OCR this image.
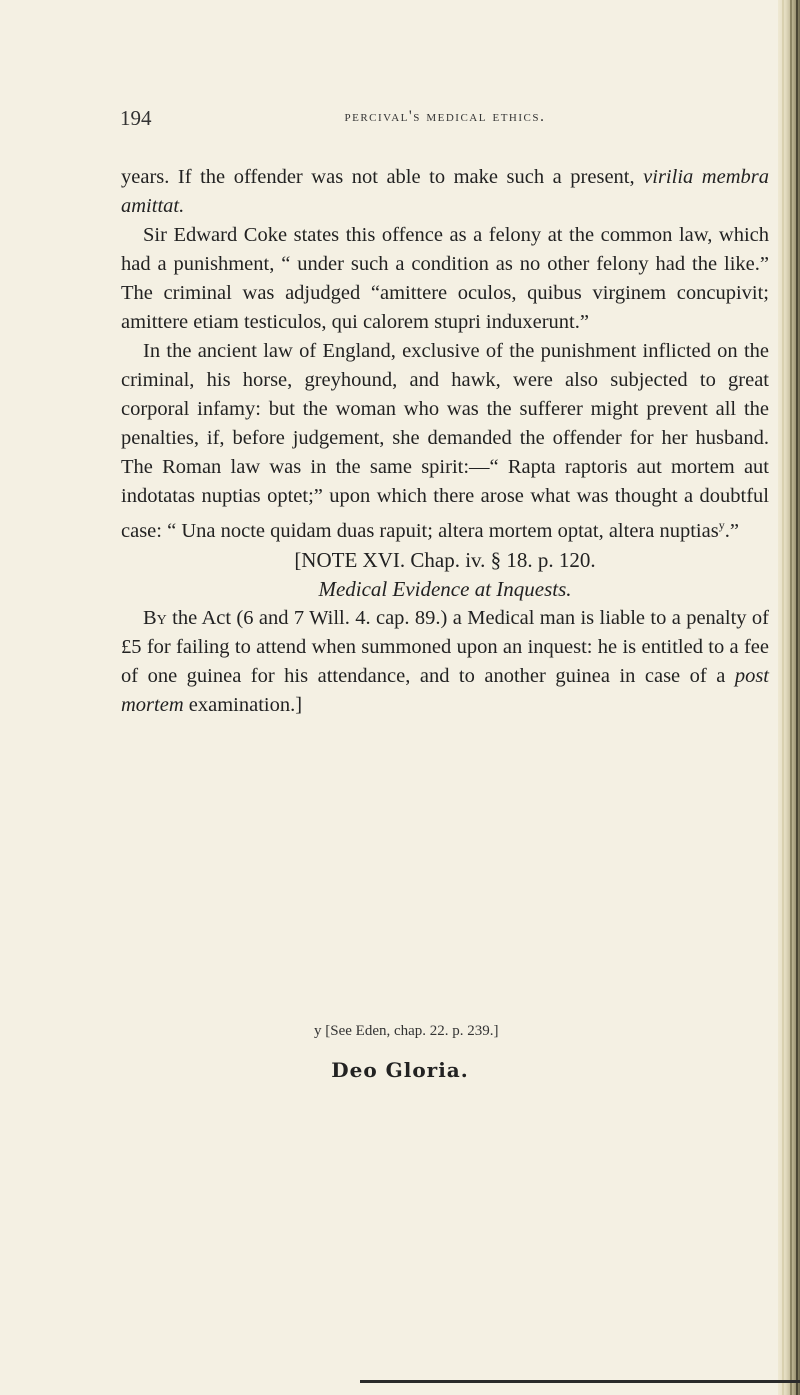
194	percival's medical ethics.

years. If the offender was not able to make such a present, virilia membra amittat.

Sir Edward Coke states this offence as a felony at the common law, which had a punishment, “ under such a condition as no other felony had the like.” The criminal was adjudged “amittere oculos, quibus virginem concupivit; amittere etiam testiculos, qui calorem stupri induxerunt.”

In the ancient law of England, exclusive of the punishment inflicted on the criminal, his horse, greyhound, and hawk, were also subjected to great corporal infamy: but the woman who was the sufferer might prevent all the penalties, if, before judgement, she demanded the offender for her husband. The Roman law was in the same spirit:—“ Rapta raptoris aut mortem aut indotatas nuptias optet;” upon which there arose what was thought a doubtful case: “ Una nocte quidam duas rapuit; altera mortem optat, altera nuptias$^y$.”

[NOTE XVI. Chap. iv. § 18. p. 120.

Medical Evidence at Inquests.

By the Act (6 and 7 Will. 4. cap. 89.) a Medical man is liable to a penalty of £5 for failing to attend when summoned upon an inquest: he is entitled to a fee of one guinea for his attendance, and to another guinea in case of a post mortem examination.]

y [See Eden, chap. 22. p. 239.]
Deo Gloria.
